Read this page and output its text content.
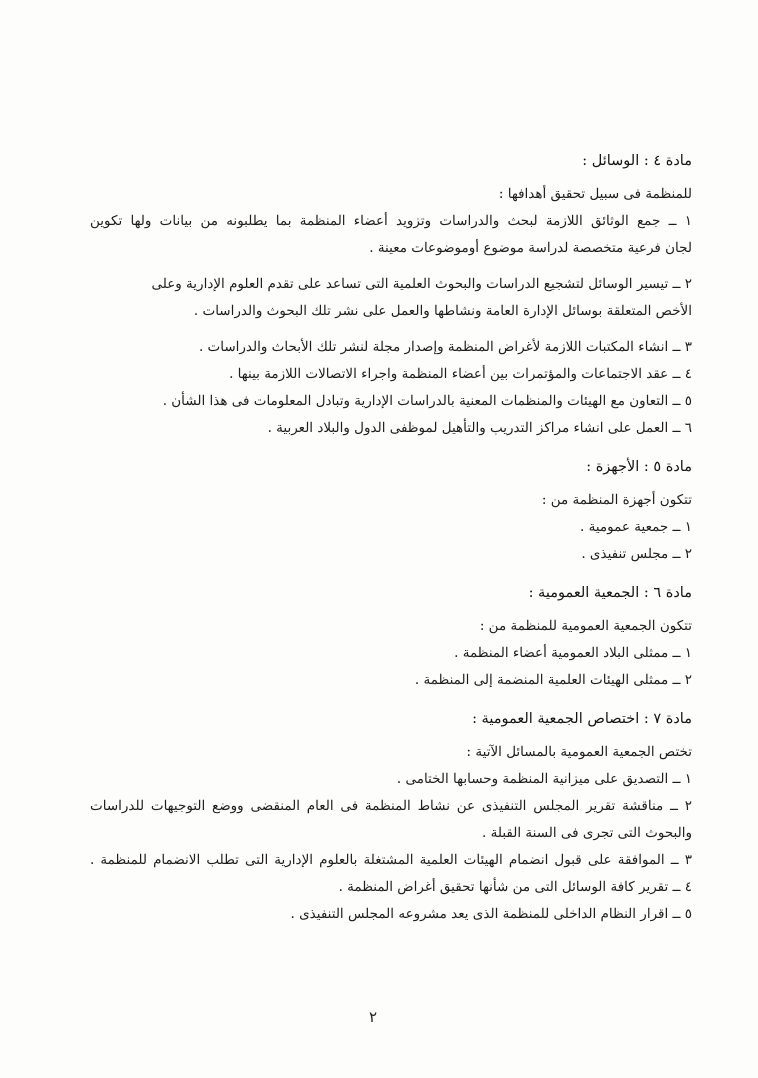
مادة ٤ : الوسائل :

للمنظمة فى سبيل تحقيق أهدافها :

١ ــ جمع الوثائق اللازمة لبحث والدراسات وتزويد أعضاء المنظمة بما يطلبونه من بيانات ولها تكوين

لجان فرعية متخصصة لدراسة موضوع أوموضوعات معينة .

٢ ــ تيسير الوسائل لتشجيع الدراسات والبحوث العلمية التى تساعد على تقدم العلوم الإدارية وعلى

الأخص المتعلقة بوسائل الإدارة العامة ونشاطها والعمل على نشر تلك البحوث والدراسات .

٣ ــ انشاء المكتبات اللازمة لأغراض المنظمة وإصدار مجلة لنشر تلك الأبحاث والدراسات .

٤ ــ عقد الاجتماعات والمؤتمرات بين أعضاء المنظمة واجراء الاتصالات اللازمة بينها .

٥ ــ التعاون مع الهيئات والمنظمات المعنية بالدراسات الإدارية وتبادل المعلومات فى هذا الشأن .

٦ ــ العمل على انشاء مراكز التدريب والتأهيل لموظفى الدول والبلاد العربية .

مادة ٥ : الأجهزة :

تتكون أجهزة المنظمة من :

١ ــ جمعية عمومية .

٢ ــ مجلس تنفيذى .

مادة ٦ : الجمعية العمومية :

تتكون الجمعية العمومية للمنظمة من :

١ ــ ممثلى البلاد العمومية أعضاء المنظمة .

٢ ــ ممثلى الهيئات العلمية المنضمة إلى المنظمة .

مادة ٧ : اختصاص الجمعية العمومية :

تختص الجمعية العمومية بالمسائل الآتية :

١ ــ التصديق على ميزانية المنظمة وحسابها الختامى .

٢ ــ مناقشة تقرير المجلس التنفيذى عن نشاط المنظمة فى العام المنقضى ووضع التوجيهات للدراسات

والبحوث التى تجرى فى السنة القبلة .

٣ ــ الموافقة على قبول انضمام الهيئات العلمية المشتغلة بالعلوم الإدارية التى تطلب الانضمام للمنظمة .

٤ ــ تقرير كافة الوسائل التى من شأنها تحقيق أغراض المنظمة .

٥ ــ اقرار النظام الداخلى للمنظمة الذى يعد مشروعه المجلس التنفيذى .

٢
